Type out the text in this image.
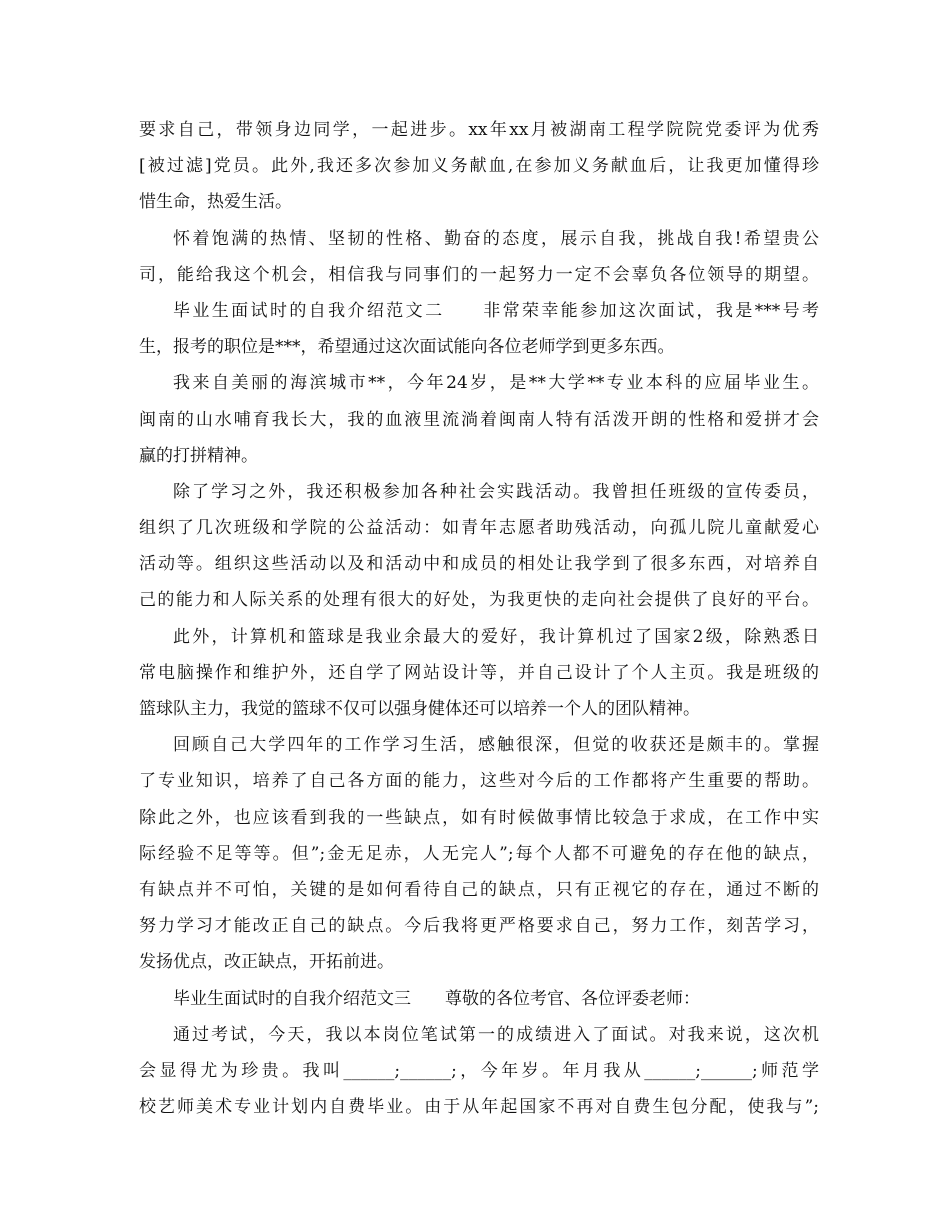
要求自己，带领身边同学，一起进步。xx年xx月被湖南工程学院院党委评为优秀
[被过滤]党员。此外,我还多次参加义务献血,在参加义务献血后，让我更加懂得珍
惜生命，热爱生活。
怀着饱满的热情、坚韧的性格、勤奋的态度，展示自我，挑战自我!希望贵公
司，能给我这个机会，相信我与同事们的一起努力一定不会辜负各位领导的期望。
毕业生面试时的自我介绍范文二　　非常荣幸能参加这次面试，我是***号考
生，报考的职位是***，希望通过这次面试能向各位老师学到更多东西。
我来自美丽的海滨城市**，今年24岁，是**大学**专业本科的应届毕业生。
闽南的山水哺育我长大，我的血液里流淌着闽南人特有活泼开朗的性格和爱拼才会
赢的打拼精神。
除了学习之外，我还积极参加各种社会实践活动。我曾担任班级的宣传委员，
组织了几次班级和学院的公益活动：如青年志愿者助残活动，向孤儿院儿童献爱心
活动等。组织这些活动以及和活动中和成员的相处让我学到了很多东西，对培养自
己的能力和人际关系的处理有很大的好处，为我更快的走向社会提供了良好的平台。
此外，计算机和篮球是我业余最大的爱好，我计算机过了国家2级，除熟悉日
常电脑操作和维护外，还自学了网站设计等，并自己设计了个人主页。我是班级的
篮球队主力，我觉的篮球不仅可以强身健体还可以培养一个人的团队精神。
回顾自己大学四年的工作学习生活，感触很深，但觉的收获还是颇丰的。掌握
了专业知识，培养了自己各方面的能力，这些对今后的工作都将产生重要的帮助。
除此之外，也应该看到我的一些缺点，如有时候做事情比较急于求成，在工作中实
际经验不足等等。但”;金无足赤，人无完人”;每个人都不可避免的存在他的缺点，
有缺点并不可怕，关键的是如何看待自己的缺点，只有正视它的存在，通过不断的
努力学习才能改正自己的缺点。今后我将更严格要求自己，努力工作，刻苦学习，
发扬优点，改正缺点，开拓前进。
毕业生面试时的自我介绍范文三　　尊敬的各位考官、各位评委老师：
通过考试，今天，我以本岗位笔试第一的成绩进入了面试。对我来说，这次机
会显得尤为珍贵。我叫______;______;，今年岁。年月我从______;______;师范学
校艺师美术专业计划内自费毕业。由于从年起国家不再对自费生包分配，使我与”;
